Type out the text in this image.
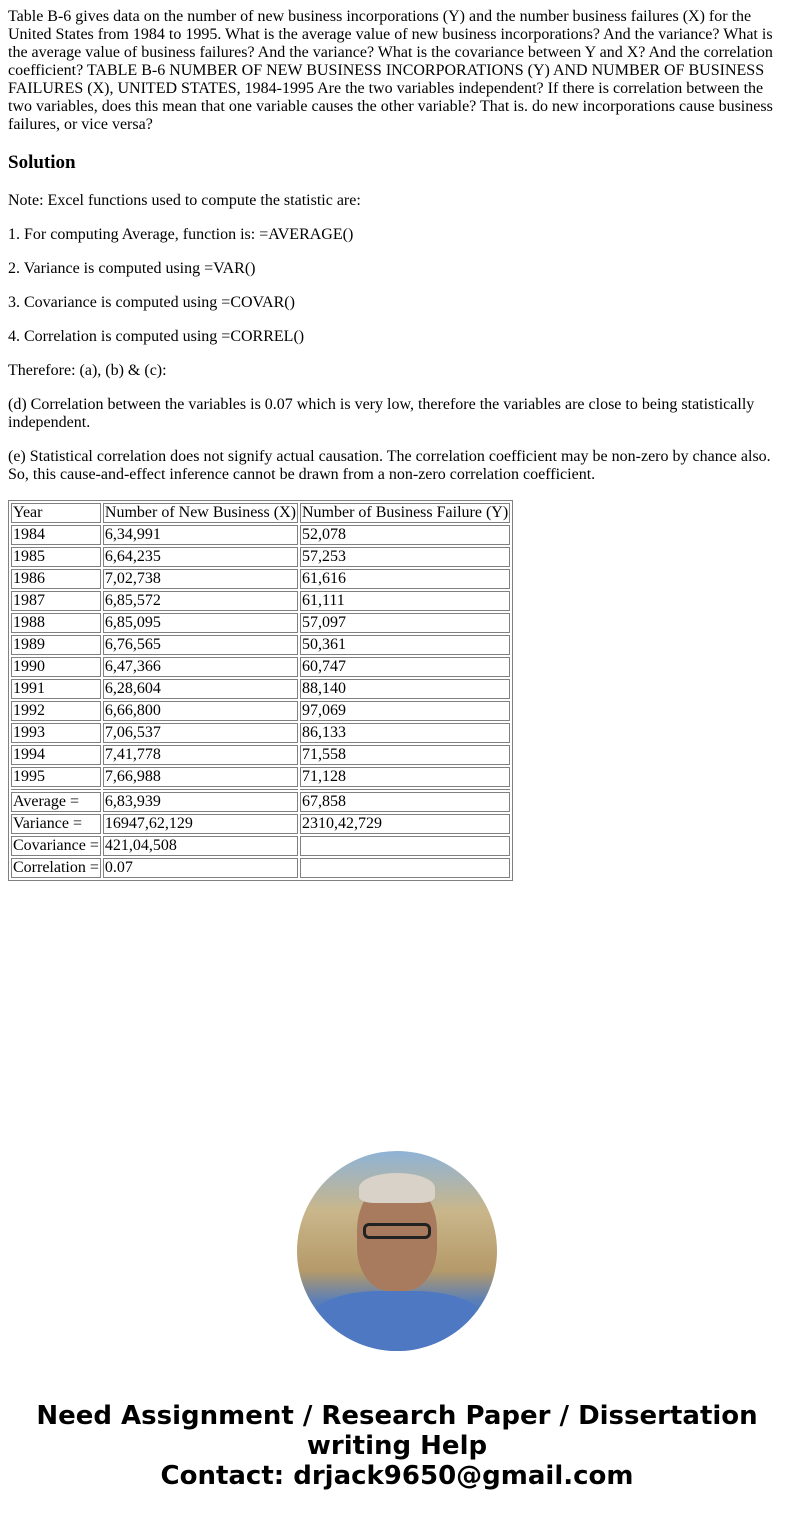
Table B-6 gives data on the number of new business incorporations (Y) and the number business failures (X) for the United States from 1984 to 1995. What is the average value of new business incorporations? And the variance? What is the average value of business failures? And the variance? What is the covariance between Y and X? And the correlation coefficient? TABLE B-6 NUMBER OF NEW BUSINESS INCORPORATIONS (Y) AND NUMBER OF BUSINESS FAILURES (X), UNITED STATES, 1984-1995 Are the two variables independent? If there is correlation between the two variables, does this mean that one variable causes the other variable? That is. do new incorporations cause business failures, or vice versa?

Solution

Note: Excel functions used to compute the statistic are:

1. For computing Average, function is: =AVERAGE()

2. Variance is computed using =VAR()

3. Covariance is computed using =COVAR()

4. Correlation is computed using =CORREL()

Therefore: (a), (b) & (c):

(d) Correlation between the variables is 0.07 which is very low, therefore the variables are close to being statistically independent.

(e) Statistical correlation does not signify actual causation. The correlation coefficient may be non-zero by chance also. So, this cause-and-effect inference cannot be drawn from a non-zero correlation coefficient.

Year	Number of New Business (X)	Number of Business Failure (Y)
1984	6,34,991	52,078
1985	6,64,235	57,253
1986	7,02,738	61,616
1987	6,85,572	61,111
1988	6,85,095	57,097
1989	6,76,565	50,361
1990	6,47,366	60,747
1991	6,28,604	88,140
1992	6,66,800	97,069
1993	7,06,537	86,133
1994	7,41,778	71,558
1995	7,66,988	71,128

Average =	6,83,939	67,858
Variance =	16947,62,129	2310,42,729
Covariance =	421,04,508	
Correlation =	0.07	
Need Assignment / Research Paper / Dissertation writing Help
Contact: drjack9650@gmail.com
